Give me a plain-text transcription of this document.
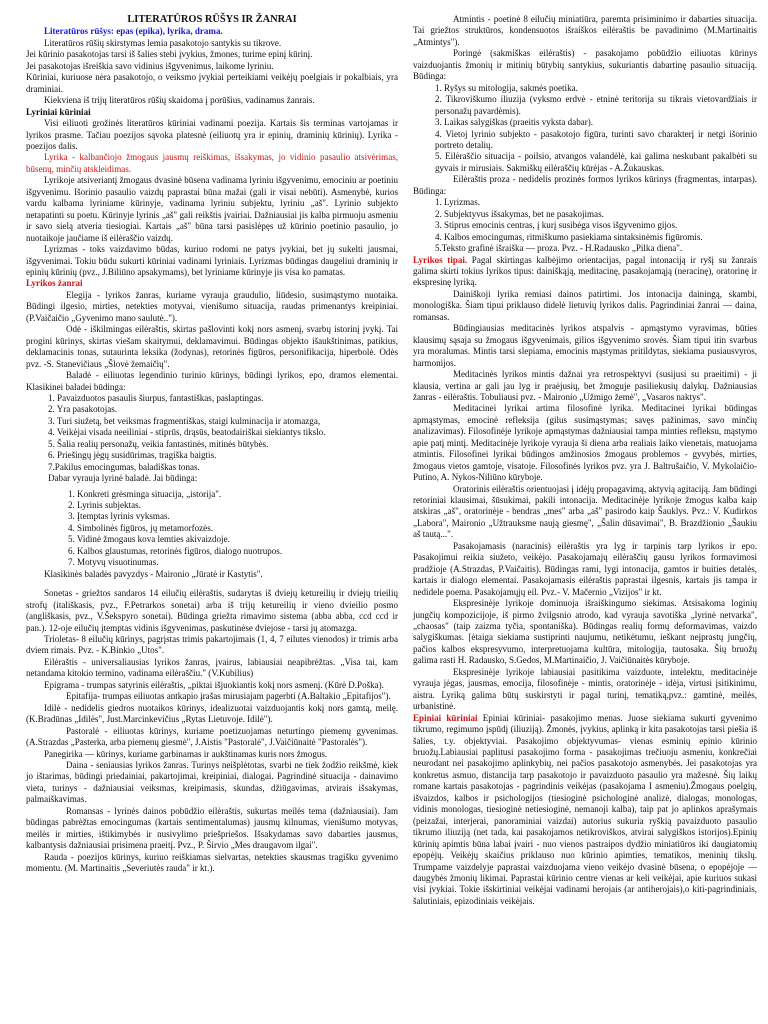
LITERATŪROS RŪŠYS IR ŽANRAI

Literatūros rūšys: epas (epika), lyrika, drama.

Literatūros rūšių skirstymas lemia pasakotojo santykis su tikrove.

Jei kūrinio pasakotojas tarsi iš šalies stebi įvykius, žmones, turime epinį kūrinį.

Jei pasakotojas išreiškia savo vidinius išgyvenimus, laikome lyriniu.

Kūriniai, kuriuose nėra pasakotojo, o veiksmo įvykiai perteikiami veikėjų poelgiais ir pokalbiais, yra draminiai.

Kiekviena iš trijų literatūros rūšių skaidoma į porūšius, vadinamus žanrais.

Lyriniai kūriniai

Visi eiliuoti grožinės literatūros kūriniai vadinami poezija. Kartais šis terminas vartojamas ir lyrikos prasme. Tačiau poezijos sąvoka platesnė (eiliuotų yra ir epinių, draminių kūrinių). Lyrika - poezijos dalis.

Lyrika - kalbančiojo žmogaus jausmų reiškimas, išsakymas, jo vidinio pasaulio atsivėrimas, būsenų, minčių atskleidimas.

Lyrikoje atsiveriantį žmogaus dvasinė būsena vadinama lyriniu išgyvenimu, emociniu ar poetiniu išgyvenimu. Išorinio pasaulio vaizdų paprastai būna mažai (gali ir visai nebūti). Asmenybė, kurios vardu kalbama lyriniame kūrinyje, vadinama lyriniu subjektu, lyriniu „aš". Lyrinio subjekto netapatinti su poetu. Kūrinyje lyrinis „aš" gali reikštis įvairiai. Dažniausiai jis kalba pirmuoju asmeniu ir savo sielą atveria tiesiogiai. Kartais „aš" būna tarsi pasislėpęs už kūrinio poetinio pasaulio, jo nuotaikoje jaučiame iš eilėraščio vaizdų.

Lyrizmas - toks vaizdavimo būdas, kuriuo rodomi ne patys įvykiai, bet jų sukelti jausmai, išgyvenimai. Tokiu būdu sukurti kūriniai vadinami lyriniais. Lyrizmas būdingas daugeliui draminių ir epinių kūrinių (pvz., J.Biliūno apsakymams), bet lyriniame kūrinyje jis visa ko pamatas.

Lyrikos žanrai

Elegija - lyrikos žanras, kuriame vyrauja graudulio, liūdesio, susimąstymo nuotaika. Būdingi ilgesio, mirties, netekties motyvai, vienišumo situacija, raudas primenantys kreipiniai. (P.Vaičaičio „Gyvenimo mano saulutė..").

Odė - iškilmingas eilėraštis, skirtas pašlovinti kokį nors asmenį, svarbų istorinį įvykį. Tai progini kūrinys, skirtas viešam skaitymui, deklamavimui. Būdingas objekto išaukštinimas, patikius, deklamacinis tonas, sutaurinta leksika (žodynas), retorinės figūros, personifikacija, hiperbolė. Odės pvz. -S. Stanevičiaus „Šlovė žemaičių".

Baladė - eiliuotas legendinio turinio kūrinys, būdingi lyrikos, epo, dramos elementai. Klasikinei baladei būdinga:

1. Pavaizduotos pasaulis šiurpus, fantastiškas, paslaptingas.

2. Yra pasakotojas.

3. Turi siužetą, bet veiksmas fragmentiškas, staigi kulminacija ir atomazga,

4. Veikėjai visada neeiliniai - stiprūs, drąsūs, beatodairiškai siekiantys tikslo.

5. Šalia realių personažų, veikia fantastinės, mitinės būtybės.

6. Priešingų jėgų susidūrimas, tragiška baigtis.

7.Pakilus emocingumas, baladiškas tonas.

Dabar vyrauja lyrinė baladė. Jai būdinga:

1. Konkreti grėsminga situacija, „istorija".

2. Lyrinis subjektas.

3. Įtemptas lyrinis vyksmas.

4. Simbolinės figūros, jų metamorfozės.

5. Vidinė žmogaus kova lemties akivaizdoje.

6. Kalbos glaustumas, retorinės figūros, dialogo nuotrupos.

7. Motyvų visuotinumas.

Klasikinės baladės pavyzdys - Maironio „Jūratė ir Kastytis".

Sonetas - griežtos sandaros 14 eilučių eilėraštis, sudarytas iš dviejų ketureilių ir dviejų trieilių strofų (itališkasis, pvz., F.Petrarkos sonetai) arba iš trijų ketureilių ir vieno dvieilio posmo (angliškasis, pvz., V.Šekspyro sonetai). Būdinga griežta rimavimo sistema (abba abba, ccd ccd ir pan.). 12-oje eilučių įtemptas vidinis išgyvenimas, paskutinėse dviejose - tarsi jų atomazga.

Trioletas- 8 eilučių kūrinys, pagrįstas trimis pakartojimais (1, 4, 7 eilutes vienodos) ir trimis arba dviem rimais. Pvz. - K.Binkio „Utos".

Eilėraštis - universaliausias lyrikos žanras, įvairus, labiausiai neapibrėžtas. „Visa tai, kam netandama kitokio termino, vadinama eilėraščiu." (V.Kubilius)

Epigrama - trumpas satyrinis eilėraštis, „piktai išjuokiantis kokį nors asmenį. (Kūrė D.Poška).

Epitafija- trumpas eiliuotas antkapio įrašas mirusiajam pagerbti (A.Baltakio „Epitafijos").

Idilė - nedidelis giedros nuotaikos kūrinys, idealizuotai vaizduojantis kokį nors gamtą, meilę. (K.Bradūnas „Idilės", Just.Marcinkevičius „Rytas Lietuvoje. Idilė").

Pastoralė - eiliuotas kūrinys, kuriame poetizuojamas neturtingo piemenų gyvenimas. (A.Strazdas „Pasterka, arba piemenų giesmė", J.Aistis "Pastoralė", J.Vaičiūnaitė "Pastoralės").

Panegirika — kūrinys, kuriame garbinamas ir aukštinamas kuris nors žmogus.

Daina - seniausias lyrikos žanras. Turinys neišplėtotas, svarbi ne tiek žodžio reikšmė, kiek jo ištarimas, būdingi priedainiai, pakartojimai, kreipiniai, dialogai. Pagrindinė situacija - dainavimo vieta, turinys - dažniausiai veiksmas, kreipimasis, skundas, džiūgavimas, atvirais išsakymas, palmaiškavimas.

Romansas - lyrinės dainos pobūdžio eilėraštis, sukurtas meilės tema (dažniausiai). Jam būdingas pabrėžtas emocingumas (kartais sentimentalumas) jausmų kilnumas, vienišumo motyvas, meilės ir mirties, ištikimybės ir nusivylimo priešpriešos. Išsakydamas savo dabarties jausmus, kalbantysis dažniausiai prisimena praeitį. Pvz., P. Širvio „Mes draugavom ilgai".

Rauda - poezijos kūrinys, kuriuo reiškiamas sielvartas, netekties skausmas tragišku gyvenimo momentu. (M. Martinaitis „Severiutės rauda" ir kt.).

Atmintis - poetinė 8 eilučių miniatiūra, paremta prisiminimo ir dabarties situacija. Tai griežtos struktūros, kondensuotos išraiškos eilėraštis be pavadinimo (M.Martinaitis „Atmintys").

Poringė (sakmiškas eilėraštis) - pasakojamo pobūdžio eiliuotas kūrinys vaizduojantis žmonių ir mitinių būtybių santykius, sukuriantis dabartinę pasaulio situaciją. Būdinga:

1. Ryšys su mitologija, sakmės poetika.

2. Tikroviškumo iliuzija (vyksmo erdvė - etninė teritorija su tikrais vietovardžiais ir personažų pavardėmis).

3. Laikas salygiškas (praeitis vyksta dabar).

4. Vietoj lyrinio subjekto - pasakotojo figūra, turinti savo charakterį ir netgi išorinio portreto detalių.

5. Eilėraščio situacija - poilsio, atvangos valandėlė, kai galima neskubant pakalbėti su gyvais ir mirusiais. Sakmiškų eilėraščių kūrėjas - A.Žukauskas.

Eilėraštis proza - nedidelis prozinės formos lyrikos kūrinys (fragmentas, intarpas). Būdinga:

1. Lyrizmas.

2. Subjektyvus išsakymas, bet ne pasakojimas.

3. Stiprus emocinis centras, į kurį susibėga visos išgyvenimo gijos.

4. Kalbos emocingumas, ritmiškumo pasiekiama sintaksinėmis figūromis.

5.Teksto grafinė išraiška — proza. Pvz. - H.Radausko „Pilka diena".

Lyrikos tipai. Pagal skirtingas kalbėjimo orientacijas, pagal intonaciją ir ryšį su žanrais galima skirti tokius lyrikos tipus: dainiškąją, meditacinę, pasakojamąją (neracinę), oratorinę ir ekspresinę lyriką.

Dainiškoji lyrika remiasi dainos patirtimi. Jos intonacija dainingą, skambi, monologiška. Šiam tipui priklauso didelė lietuvių lyrikos dalis. Pagrindiniai žanrai — daina, romansas.

Būdingiausias meditacinės lyrikos atspalvis - apmąstymo vyravimas, būties klausimų sąsaja su žmogaus išgyvenimais, gilios išgyvenimo srovės. Šiam tipui itin svarbus yra moralumas. Mintis tarsi slepiama, emocinis mąstymas pritildytas, siekiama pusiausvyros, harmonijos.

Meditacinės lyrikos mintis dažnai yra retrospektyvi (susijusi su praeitimi) - ji klausia, vertina ar gali jau lyg ir praėjusių, bet žmoguje pasiliekusių dalykų. Dažniausias žanras - eilėraštis. Tobuliausi pvz. - Maironio „Užmigo žemė", „Vasaros naktys".

Meditacinei lyrikai artima filosofinė lyrika. Meditacinei lyrikai būdingas apmąstymas, emocinė refleksija (gilus susimąstymas; savęs pažinimas, savo minčių analizavimas). Filosofinėje lyrikoje apmąstymas dažniausiai tampa minties refleksu, mąstymo apie patį mintį. Meditacinėje lyrikoje vyrauja ši diena arba realiais laiko vienetais, matuojama atmintis. Filosofinei lyrikai būdingos amžinosios žmogaus problemos - gyvybės, mirties, žmogaus vietos gamtoje, visatoje. Filosofinės lyrikos pvz. yra J. Baltrušaičio, V. Mykolaičio-Putino, A. Nykos-Niliūno kūryboje.

Oratorinis eilėraštis orientuojasi į idėjų propagavimą, aktyvią agitaciją. Jam būdingi retoriniai klausimai, šūsukimai, pakili intonacija. Meditacinėje lyrikoje žmogus kalba kaip atskiras „aš", oratorinėje - bendras „mes" arba „aš" pasirodo kaip Šauklys. Pvz.: V. Kudirkos „Labora", Maironio „Užtrauksme naują giesmę", „Šalin dūsavimai", B. Brazdžionio „Šaukiu aš tautą...".

Pasakojamasis (naracinis) eilėraštis yra lyg ir tarpinis tarp lyrikos ir epo. Pasakojimui reikia siužeto, veikėjo. Pasakojamajų eilėraščių gausu lyrikos formavimosi pradžioje (A.Strazdas, P.Vaičaitis). Būdingas rami, lygi intonacija, gamtos ir buities detalės, kartais ir dialogo elementai. Pasakojamasis eilėraštis paprastai ilgesnis, kartais jis tampa ir nedidele poema. Pasakojamųjų eil. Pvz.- V. Mačernio „Vizijos" ir kt.

Ekspresinėje lyrikoje dominuoja išraiškingumo siekimas. Atsisakoma loginių jungčių kompozicijoje, iš pirmo žvilgsnio atrodo, kad vyrauja savotiška „lyrinė netvarka", „chaosas" (taip zaizma tyčia, spontaniška). Būdingas realių formų deformavimas, vaizdo salygiškumas. [ėtaiga siekiama sustiprinti naujumu, netikėtumu, ieškant neįprastų jungčių, pačios kalbos ekspresyvumo, interpretuojama kultūra, mitologija, tautosaka. Šių bruožų galima rasti H. Radausko, S.Gedos, M.Martinaičio, J. Vaičiūnaitės kūryboje.

Ekspresinėje lyrikoje labiausiai pasitikima vaizduote, intelektu, meditacinėje vyrauja jėgas, jausmas, emocija, filosofinėje - mintis, oratorinėje - idėja, virtusi įsitikinimu, aistra. Lyriką galima būtų suskirstyti ir pagal turinį, tematiką,pvz.: gamtinė, meilės, urbanistinė.

Epiniai kūriniai Epiniai kūriniai- pasakojimo menas. Juose siekiama sukurti gyvenimo tikrumo, regimumo įspūdį (iliuziją). Žmonės, įvykius, aplinką ir kita pasakotojas tarsi piešia iš šalies, t.y. objektyviai. Pasakojimo objektyvumas- vienas esminių epinio kūrinio bruožų.Labiausiai paplitusi pasakojimo forma - pasakojimas trečiuoju asmeniu, konkrečiai neurodant nei pasakojimo aplinkybių, nei pačios pasakotojo asmenybės. Jei pasakotojas yra konkretus asmuo, distancija tarp pasakotojo ir pavaizduoto pasaulio yra mažesnė. Šių laikų romane kartais pasakotojas - pagrindinis veikėjas (pasakojama I asmeniu).Žmogaus poelgių, išvaizdos, kalbos ir psichologijos (tiesioginė psichologinė analizė, dialogas, monologas, vidinis monologas, tiesioginė netiesioginė, nemanoji kalba), taip pat jo aplinkos aprašymais (peizažai, interjerai, panoraminiai vaizdai) autorius sukuria ryškią pavaizduoto pasaulio tikrumo iliuziją (net tada, kai pasakojamos netikroviškos, atvirai salygiškos istorijos).Epinių kūrinių apimtis būna labai įvairi - nuo vienos pastraipos dydžio miniatiūros iki daugiatomių epopėjų. Veikėjų skaičius priklauso nuo kūrinio apimties, tematikos, meninių tikslų. Trumpame vaizdelyje paprastai vaizduojama vieno veikėjo dvasinė būsena, o epopėjoje — daugybės žmonių likimai. Paprastai kūrinio centre vienas ar keli veikėjai, apie kuriuos sukasi visi įvykiai. Tokie išskirtiniai veikėjai vadinami herojais (ar antiherojais),o kiti-pagrindiniais, šalutiniais, epizodiniais veikėjais.
